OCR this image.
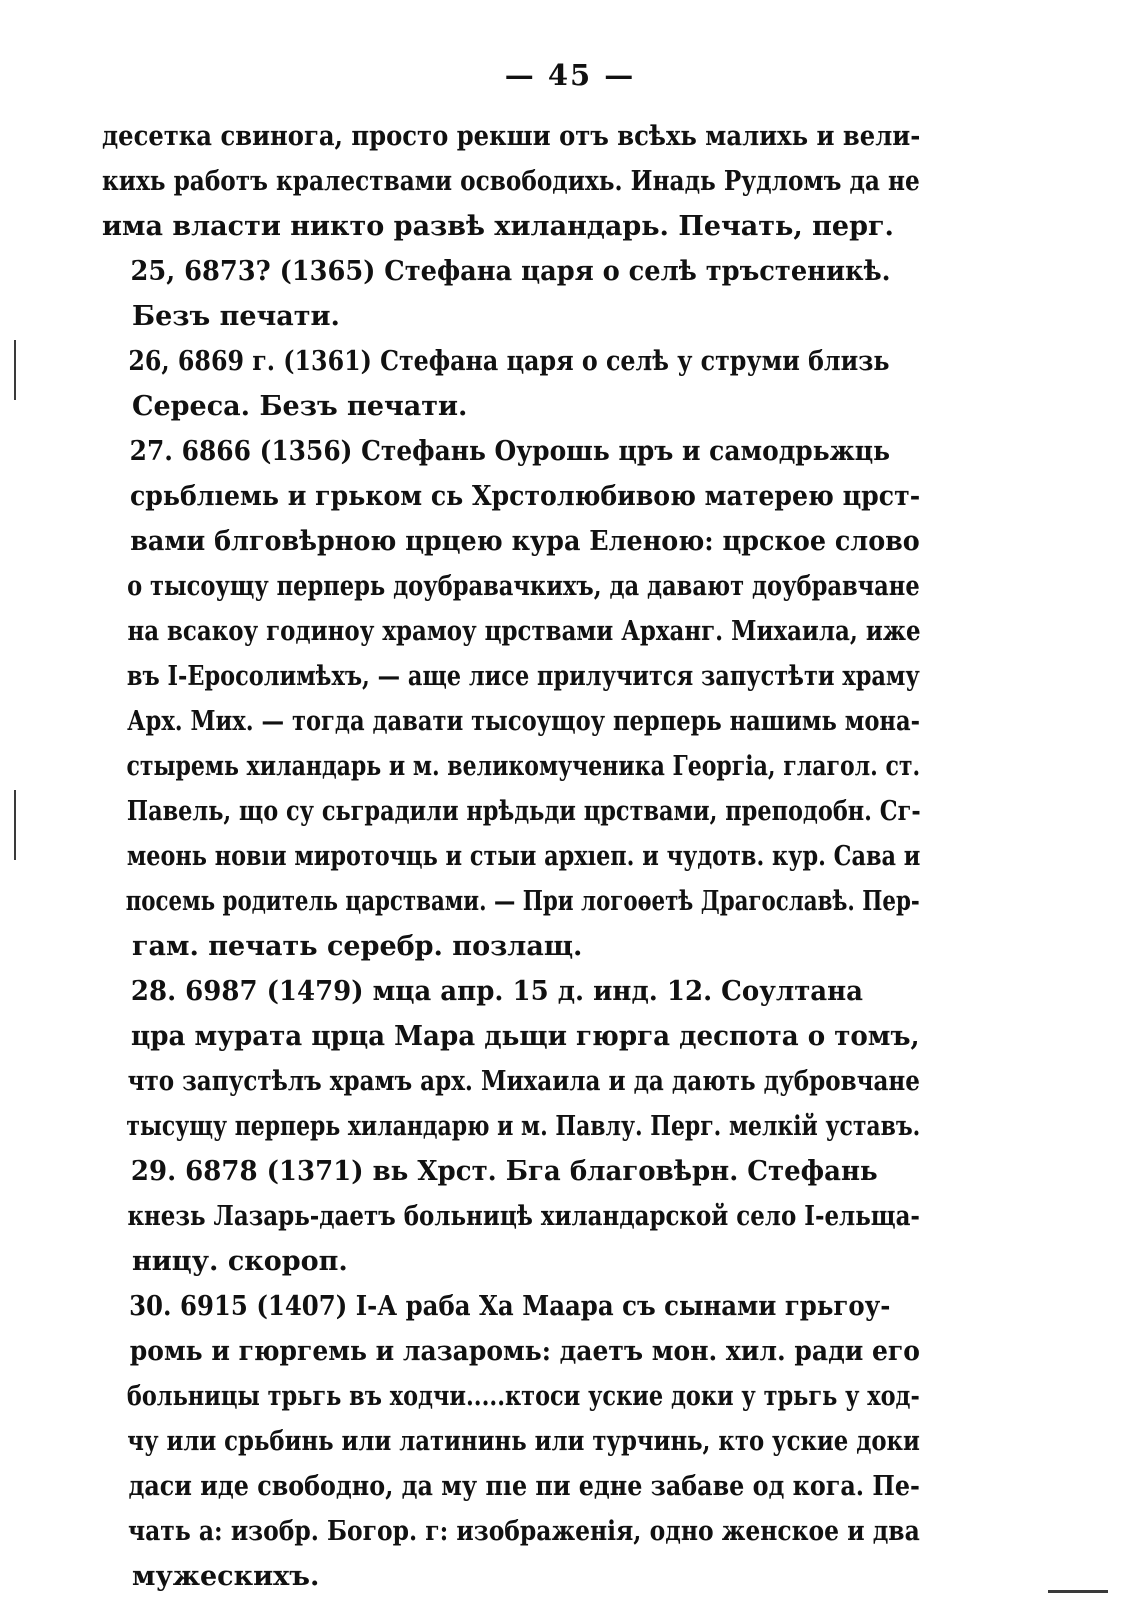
— 45 —

десетка свинога, просто рекши отъ всѣхь малихь и вели-
кихь работъ кралествами освободихь. Инадь Рудломъ да не
има власти никто развѣ хиландарь. Печать, перг.

25, 6873? (1365) Стефана царя о селѣ тръстеникѣ.
Безъ печати.

26, 6869 г. (1361) Стефана царя о селѣ у струми близь
Сереса. Безъ печати.

27. 6866 (1356) Стефань Оурошь цръ и самодрьжць
срьблıемь и грьком сь Хрстолюбивою матерею црст-
вами блговѣрною црцею кура Еленою: црское слово
о тысоущу перперь доубравачкихъ, да давают доубравчане
на всакоу годиноу храмоу црствами Арханг. Михаила, иже
въ І-Еросолимѣхъ, — аще лисе прилучится запустѣти храму
Арх. Мих. — тогда давати тысоущоу перперь нашимь мона-
стыремь хиландарь и м. великомученика Георгіа, глагол. ст.
Павель, що су сьградили нрѣдьди црствами, преподобн. Сг-
меонь новıи мироточць и стыи архıеп. и чудотв. кур. Сава и
посемь родитель царствами. — При логоѳетѣ Драгославѣ. Пер-
гам. печать серебр. позлащ.

28. 6987 (1479) мца апр. 15 д. инд. 12. Соултана
цра мурата црца Мара дьщи гюрга деспота о томъ,
что запустѣлъ храмъ арх. Михаила и да дають дубровчане
тысущу перперь хиландарю и м. Павлу. Перг. мелкій уставъ.

29. 6878 (1371) вь Хрст. Бга благовѣрн. Стефань
кнезь Лазарь-даетъ больницѣ хиландарской село І-ельща-
ницу. скороп.

30. 6915 (1407) І-А раба Ха Маара съ сынами грьгоу-
ромь и гюргемь и лазаромь: даетъ мон. хил. ради его
больницы трьгь въ ходчи.....ктоси уские доки у трьгь у ход-
чу или срьбинь или латининь или турчинь, кто уские доки
даси иде свободно, да му пıе пи едне забаве од кога. Пе-
чать а: изобр. Богор. г: изображенія, одно женское и два
мужескихъ.
